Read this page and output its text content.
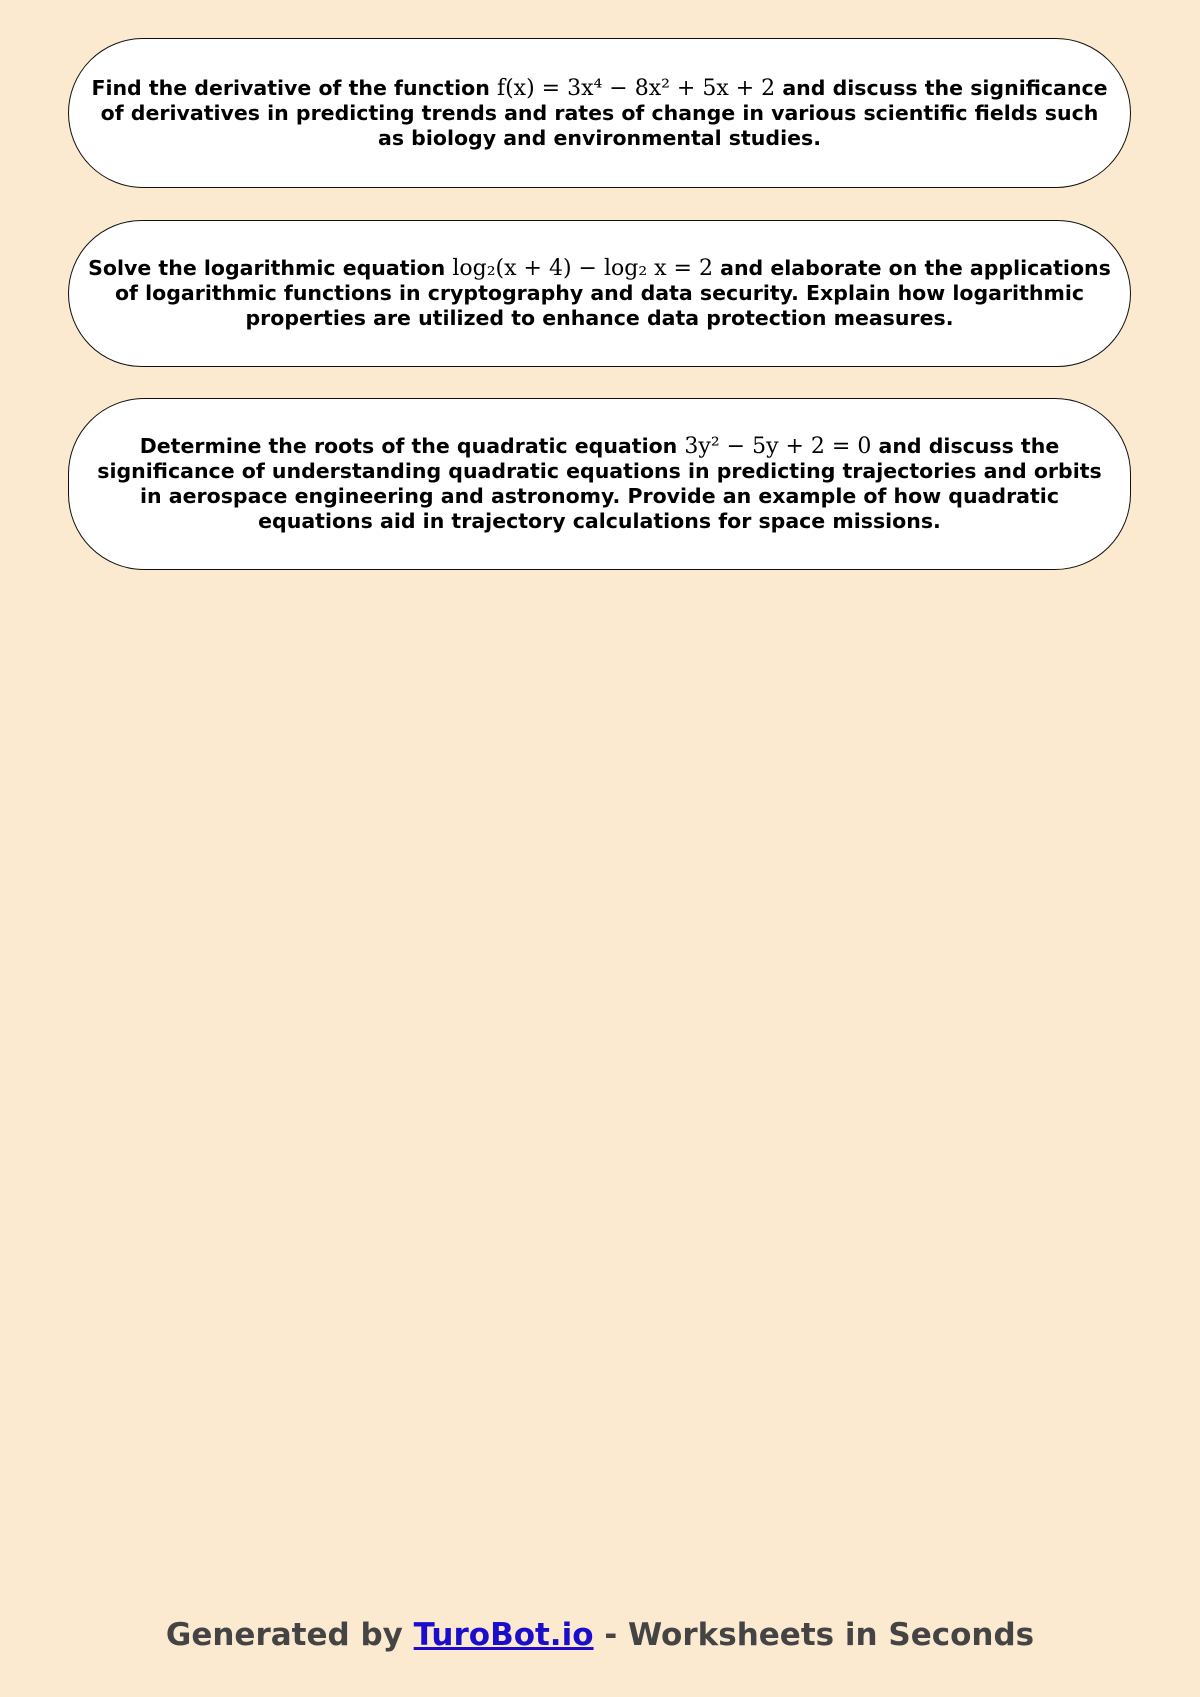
Find the derivative of the function f(x) = 3x⁴ − 8x² + 5x + 2 and discuss the significance of derivatives in predicting trends and rates of change in various scientific fields such as biology and environmental studies.

Solve the logarithmic equation log₂(x + 4) − log₂ x = 2 and elaborate on the applications of logarithmic functions in cryptography and data security. Explain how logarithmic properties are utilized to enhance data protection measures.

Determine the roots of the quadratic equation 3y² − 5y + 2 = 0 and discuss the significance of understanding quadratic equations in predicting trajectories and orbits in aerospace engineering and astronomy. Provide an example of how quadratic equations aid in trajectory calculations for space missions.

Generated by TuroBot.io - Worksheets in Seconds
